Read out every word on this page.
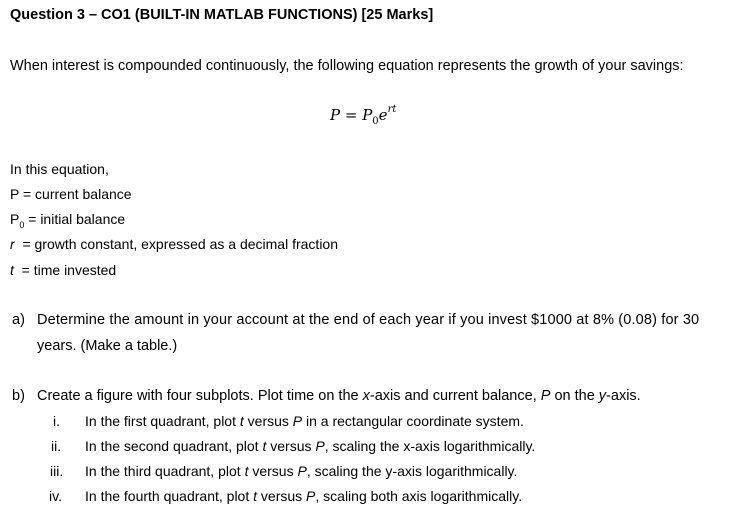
Question 3 – CO1 (BUILT-IN MATLAB FUNCTIONS) [25 Marks]
When interest is compounded continuously, the following equation represents the growth of your savings:
$P = P_0e^{rt}$
In this equation,
P = current balance
$P_0$ = initial balance
r  = growth constant, expressed as a decimal fraction
t  = time invested
a) Determine the amount in your account at the end of each year if you invest $1000 at 8% (0.08) for 30
years. (Make a table.)
b) Create a figure with four subplots. Plot time on the x-axis and current balance, P on the y-axis.
i.	In the first quadrant, plot t versus P in a rectangular coordinate system.
ii.	In the second quadrant, plot t versus P, scaling the x-axis logarithmically.
iii.	In the third quadrant, plot t versus P, scaling the y-axis logarithmically.
iv.	In the fourth quadrant, plot t versus P, scaling both axis logarithmically.
